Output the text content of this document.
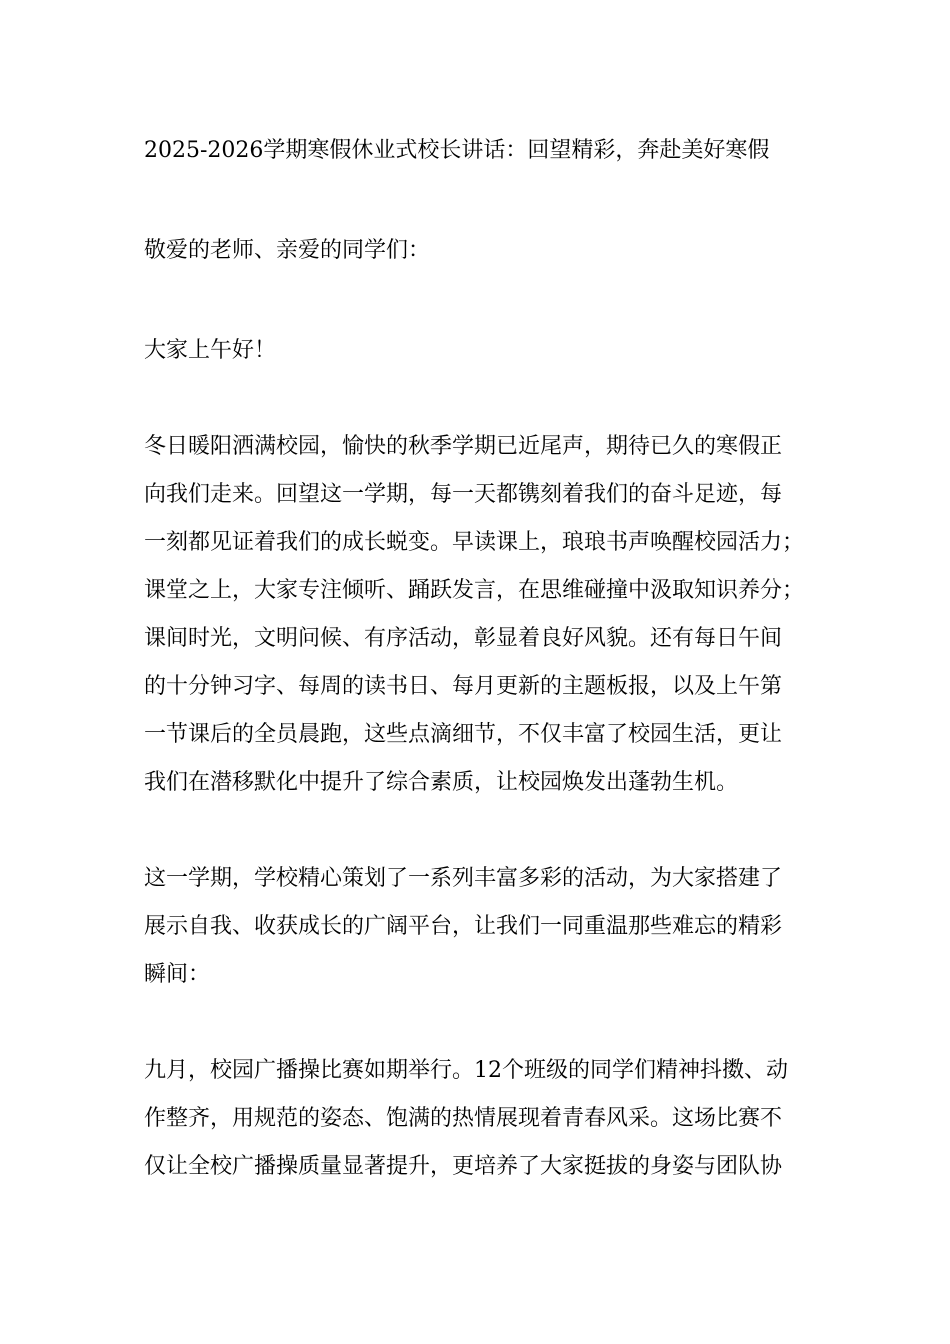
2025-2026学期寒假休业式校长讲话：回望精彩，奔赴美好寒假

敬爱的老师、亲爱的同学们：

大家上午好！

冬日暖阳洒满校园，愉快的秋季学期已近尾声，期待已久的寒假正
向我们走来。回望这一学期，每一天都镌刻着我们的奋斗足迹，每
一刻都见证着我们的成长蜕变。早读课上，琅琅书声唤醒校园活力；
课堂之上，大家专注倾听、踊跃发言，在思维碰撞中汲取知识养分；
课间时光，文明问候、有序活动，彰显着良好风貌。还有每日午间
的十分钟习字、每周的读书日、每月更新的主题板报，以及上午第
一节课后的全员晨跑，这些点滴细节，不仅丰富了校园生活，更让
我们在潜移默化中提升了综合素质，让校园焕发出蓬勃生机。
这一学期，学校精心策划了一系列丰富多彩的活动，为大家搭建了
展示自我、收获成长的广阔平台，让我们一同重温那些难忘的精彩
瞬间：
九月，校园广播操比赛如期举行。12个班级的同学们精神抖擞、动
作整齐，用规范的姿态、饱满的热情展现着青春风采。这场比赛不
仅让全校广播操质量显著提升，更培养了大家挺拔的身姿与团队协
